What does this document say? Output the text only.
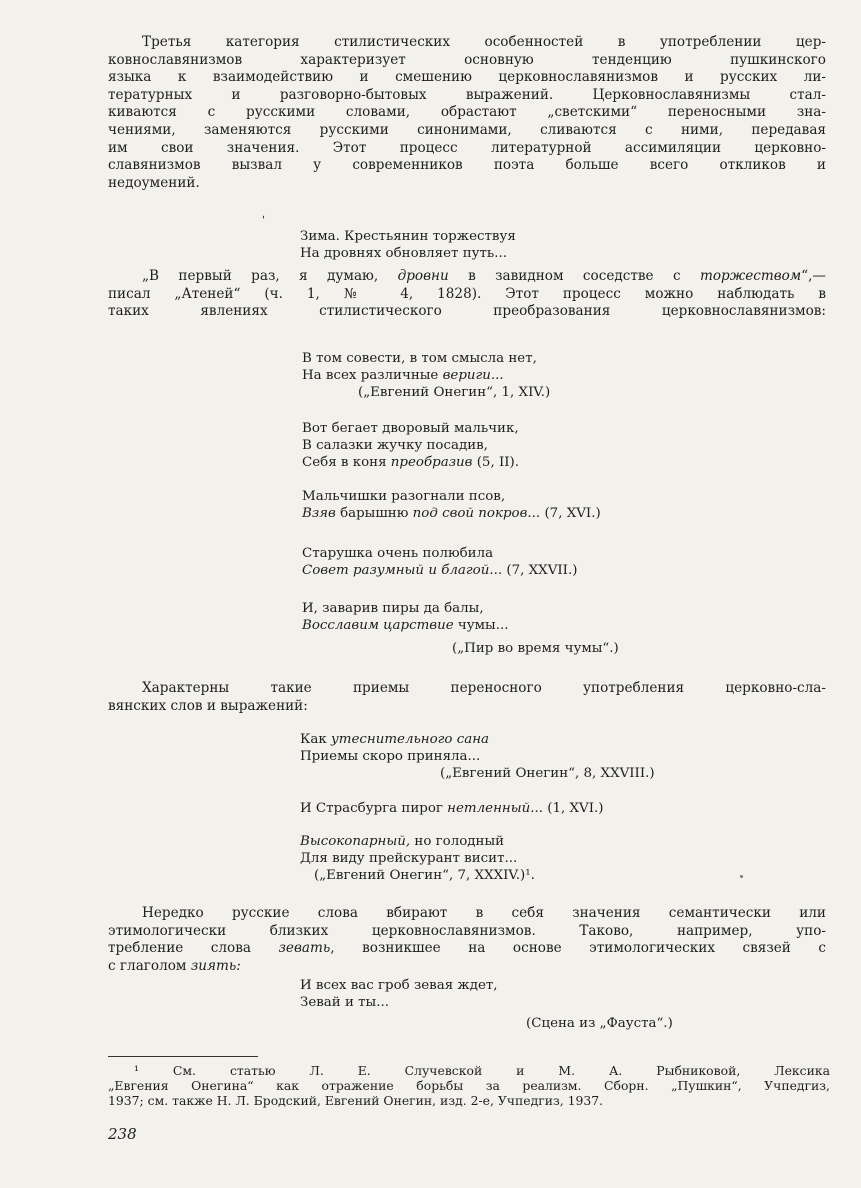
Третья категория стилистических особенностей в употреблении цер-
ковнославянизмов характеризует основную тенденцию пушкинского
языка к взаимодействию и смешению церковнославянизмов и русских ли-
тературных и разговорно-бытовых выражений. Церковнославянизмы стал-
киваются с русскими словами, обрастают „светскими“ переносными зна-
чениями, заменяются русскими синонимами, сливаются с ними, передавая
им свои значения. Этот процесс литературной ассимиляции церковно-
славянизмов вызвал у современников поэта больше всего откликов и
недоумений.
ʹ
Зима. Крестьянин торжествуя
На дровнях обновляет путь...
„В первый раз, я думаю, дровни в завидном соседстве с торжеством“,—
писал „Атеней“ (ч. 1, № 4, 1828). Этот процесс можно наблюдать в
таких явлениях стилистического преобразования церковнославянизмов:
В том совести, в том смысла нет,
На всех различные вериги...
(„Евгений Онегин“, 1, XIV.)
Вот бегает дворовый мальчик,
В салазки жучку посадив,
Себя в коня преобразив (5, II).
Мальчишки разогнали псов,
Взяв барышню под свой покров... (7, XVI.)
Старушка очень полюбила
Совет разумный и благой... (7, XXVII.)
И, заварив пиры да балы,
Восславим царствие чумы...
(„Пир во время чумы“.)
Характерны такие приемы переносного употребления церковно-сла-
вянских слов и выражений:
Как утеснительного сана
Приемы скоро приняла...
(„Евгений Онегин“, 8, XXVIII.)
И Страсбурга пирог нетленный... (1, XVI.)
Высокопарный, но голодный
Для виду прейскурант висит...
(„Евгений Онегин“, 7, XXXIV.)¹.
Нередко русские слова вбирают в себя значения семантически или
этимологически близких церковнославянизмов. Таково, например, упо-
требление слова зевать, возникшее на основе этимологических связей с
с глаголом зиять:
И всех вас гроб зевая ждет,
Зевай и ты...
(Сцена из „Фауста“.)
¹ См. статью Л. Е. Случевской и М. А. Рыбниковой, Лексика
„Евгения Онегина“ как отражение борьбы за реализм. Сборн. „Пушкин“, Учпедгиз,
1937; см. также Н. Л. Бродский, Евгений Онегин, изд. 2-е, Учпедгиз, 1937.
238
